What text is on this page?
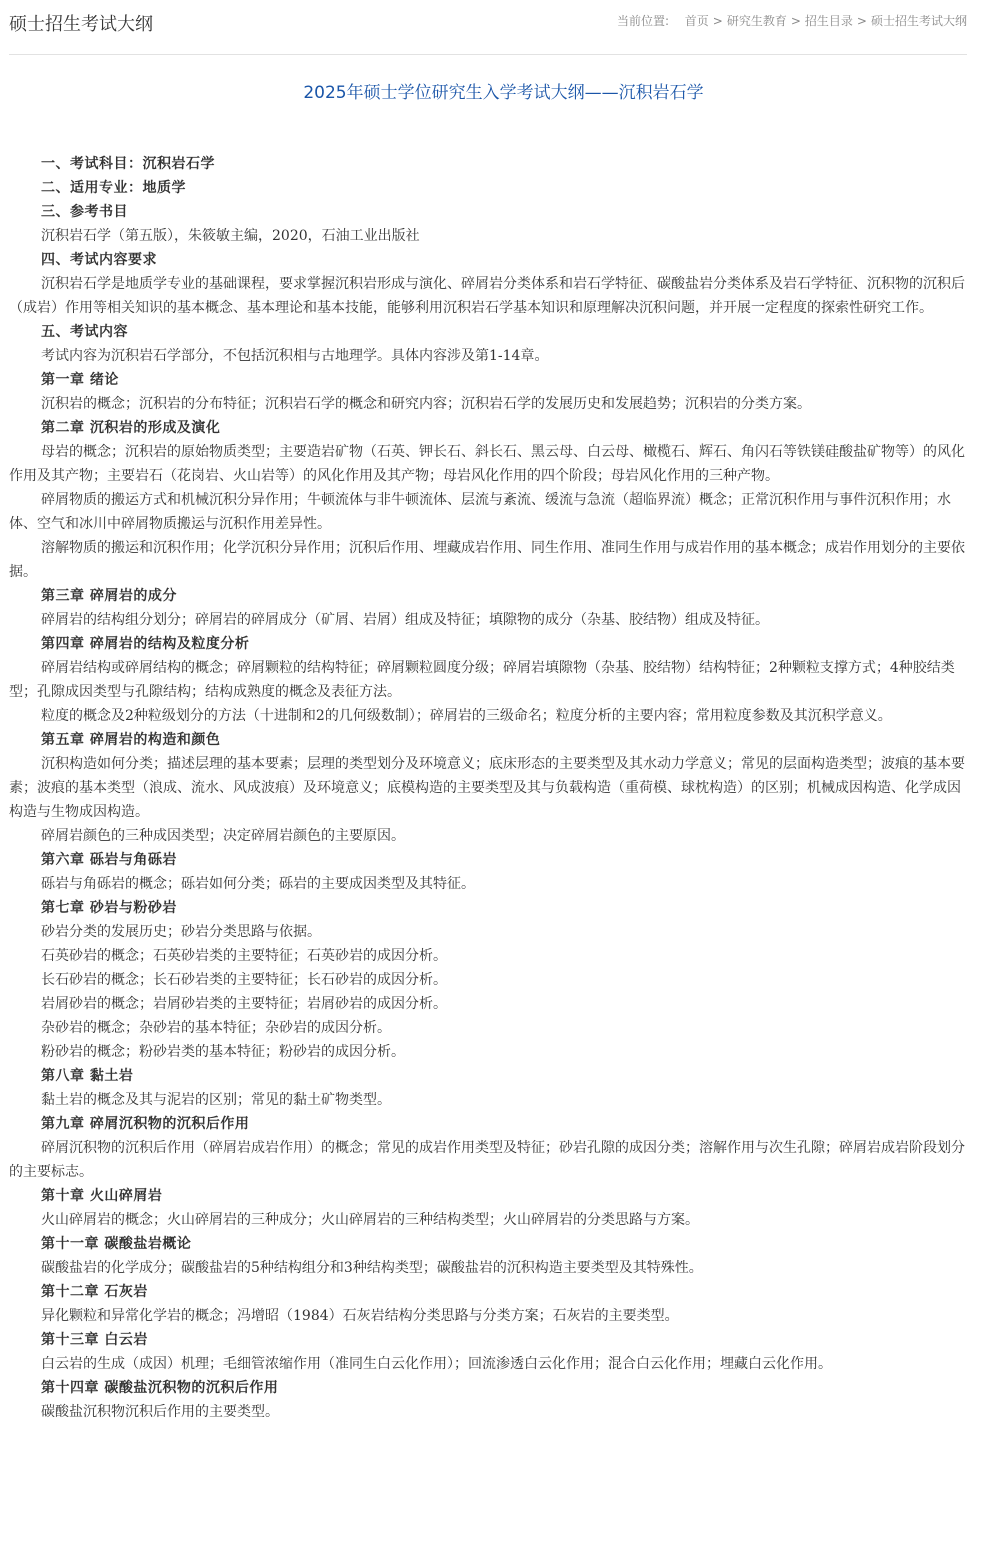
硕士招生考试大纲	当前位置: 首页 > 研究生教育 > 招生目录 > 硕士招生考试大纲
2025年硕士学位研究生入学考试大纲——沉积岩石学

一、考试科目：沉积岩石学

二、适用专业：地质学

三、参考书目

沉积岩石学（第五版），朱筱敏主编，2020，石油工业出版社

四、考试内容要求

沉积岩石学是地质学专业的基础课程，要求掌握沉积岩形成与演化、碎屑岩分类体系和岩石学特征、碳酸盐岩分类体系及岩石学特征、沉积物的沉积后（成岩）作用等相关知识的基本概念、基本理论和基本技能，能够利用沉积岩石学基本知识和原理解决沉积问题，并开展一定程度的探索性研究工作。

五、考试内容

考试内容为沉积岩石学部分，不包括沉积相与古地理学。具体内容涉及第1-14章。

第一章 绪论

沉积岩的概念；沉积岩的分布特征；沉积岩石学的概念和研究内容；沉积岩石学的发展历史和发展趋势；沉积岩的分类方案。

第二章 沉积岩的形成及演化

母岩的概念；沉积岩的原始物质类型；主要造岩矿物（石英、钾长石、斜长石、黑云母、白云母、橄榄石、辉石、角闪石等铁镁硅酸盐矿物等）的风化作用及其产物；主要岩石（花岗岩、火山岩等）的风化作用及其产物；母岩风化作用的四个阶段；母岩风化作用的三种产物。

碎屑物质的搬运方式和机械沉积分异作用；牛顿流体与非牛顿流体、层流与紊流、缓流与急流（超临界流）概念；正常沉积作用与事件沉积作用；水体、空气和冰川中碎屑物质搬运与沉积作用差异性。

溶解物质的搬运和沉积作用；化学沉积分异作用；沉积后作用、埋藏成岩作用、同生作用、准同生作用与成岩作用的基本概念；成岩作用划分的主要依据。

第三章 碎屑岩的成分

碎屑岩的结构组分划分；碎屑岩的碎屑成分（矿屑、岩屑）组成及特征；填隙物的成分（杂基、胶结物）组成及特征。

第四章 碎屑岩的结构及粒度分析

碎屑岩结构或碎屑结构的概念；碎屑颗粒的结构特征；碎屑颗粒圆度分级；碎屑岩填隙物（杂基、胶结物）结构特征；2种颗粒支撑方式；4种胶结类型；孔隙成因类型与孔隙结构；结构成熟度的概念及表征方法。

粒度的概念及2种粒级划分的方法（十进制和2的几何级数制）；碎屑岩的三级命名；粒度分析的主要内容；常用粒度参数及其沉积学意义。

第五章 碎屑岩的构造和颜色

沉积构造如何分类；描述层理的基本要素；层理的类型划分及环境意义；底床形态的主要类型及其水动力学意义；常见的层面构造类型；波痕的基本要素；波痕的基本类型（浪成、流水、风成波痕）及环境意义；底模构造的主要类型及其与负载构造（重荷模、球枕构造）的区别；机械成因构造、化学成因构造与生物成因构造。

碎屑岩颜色的三种成因类型；决定碎屑岩颜色的主要原因。

第六章 砾岩与角砾岩

砾岩与角砾岩的概念；砾岩如何分类；砾岩的主要成因类型及其特征。

第七章 砂岩与粉砂岩

砂岩分类的发展历史；砂岩分类思路与依据。

石英砂岩的概念；石英砂岩类的主要特征；石英砂岩的成因分析。

长石砂岩的概念；长石砂岩类的主要特征；长石砂岩的成因分析。

岩屑砂岩的概念；岩屑砂岩类的主要特征；岩屑砂岩的成因分析。

杂砂岩的概念；杂砂岩的基本特征；杂砂岩的成因分析。

粉砂岩的概念；粉砂岩类的基本特征；粉砂岩的成因分析。

第八章 黏土岩

黏土岩的概念及其与泥岩的区别；常见的黏土矿物类型。

第九章 碎屑沉积物的沉积后作用

碎屑沉积物的沉积后作用（碎屑岩成岩作用）的概念；常见的成岩作用类型及特征；砂岩孔隙的成因分类；溶解作用与次生孔隙；碎屑岩成岩阶段划分的主要标志。

第十章 火山碎屑岩

火山碎屑岩的概念；火山碎屑岩的三种成分；火山碎屑岩的三种结构类型；火山碎屑岩的分类思路与方案。

第十一章 碳酸盐岩概论

碳酸盐岩的化学成分；碳酸盐岩的5种结构组分和3种结构类型；碳酸盐岩的沉积构造主要类型及其特殊性。

第十二章 石灰岩

异化颗粒和异常化学岩的概念；冯增昭（1984）石灰岩结构分类思路与分类方案；石灰岩的主要类型。

第十三章 白云岩

白云岩的生成（成因）机理；毛细管浓缩作用（准同生白云化作用）；回流渗透白云化作用；混合白云化作用；埋藏白云化作用。

第十四章 碳酸盐沉积物的沉积后作用

碳酸盐沉积物沉积后作用的主要类型。
